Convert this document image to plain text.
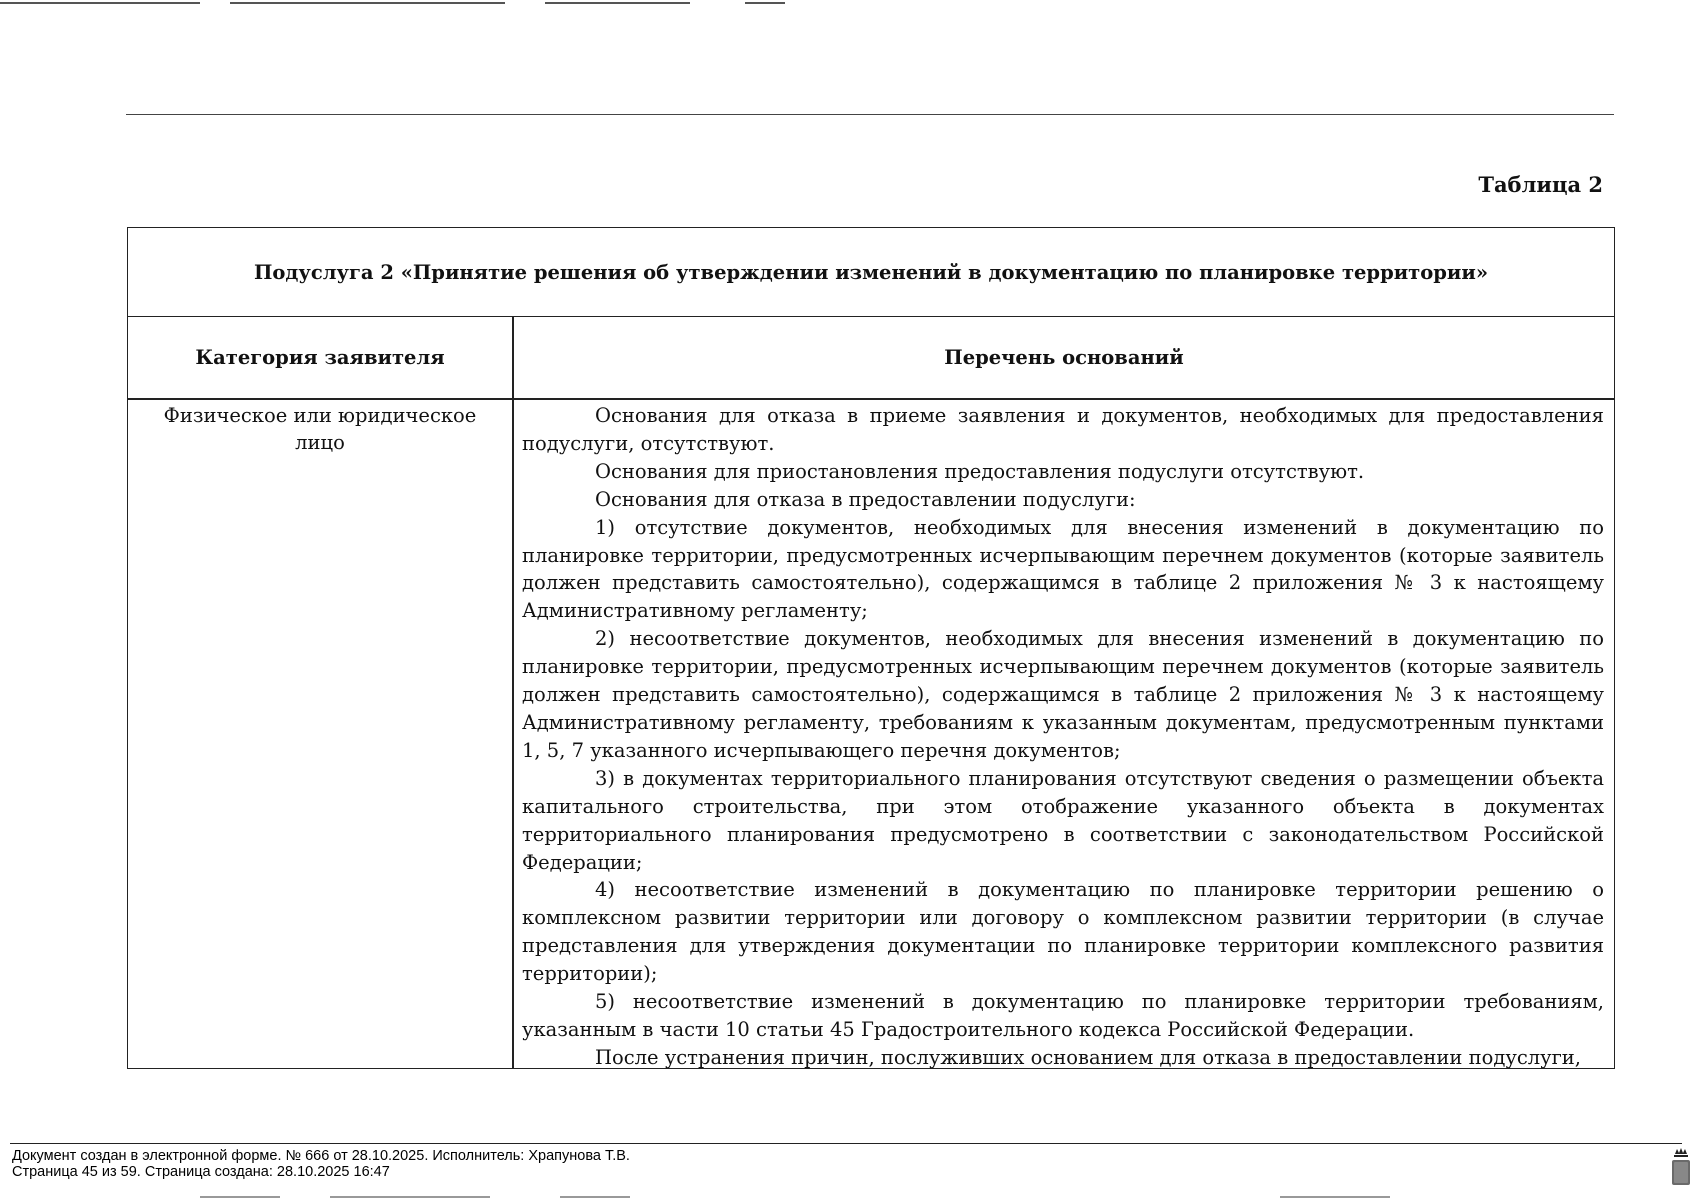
Таблица 2
Подуслуга 2 «Принятие решения об утверждении изменений в документацию по планировке территории»
Категория заявителя	Перечень оснований
Физическое или юридическое лицо

Основания для отказа в приеме заявления и документов, необходимых для предоставления подуслуги, отсутствуют.

Основания для приостановления предоставления подуслуги отсутствуют.

Основания для отказа в предоставлении подуслуги:

1) отсутствие документов, необходимых для внесения изменений в документацию по планировке территории, предусмотренных исчерпывающим перечнем документов (которые заявитель должен представить самостоятельно), содержащимся в таблице 2 приложения № 3 к настоящему Административному регламенту;

2) несоответствие документов, необходимых для внесения изменений в документацию по планировке территории, предусмотренных исчерпывающим перечнем документов (которые заявитель должен представить самостоятельно), содержащимся в таблице 2 приложения № 3 к настоящему Административному регламенту, требованиям к указанным документам, предусмотренным пунктами 1, 5, 7 указанного исчерпывающего перечня документов;

3) в документах территориального планирования отсутствуют сведения о размещении объекта капитального строительства, при этом отображение указанного объекта в документах территориального планирования предусмотрено в соответствии с законодательством Российской Федерации;

4) несоответствие изменений в документацию по планировке территории решению о комплексном развитии территории или договору о комплексном развитии территории (в случае представления для утверждения документации по планировке территории комплексного развития территории);

5) несоответствие изменений в документацию по планировке территории требованиям, указанным в части 10 статьи 45 Градостроительного кодекса Российской Федерации.

После устранения причин, послуживших основанием для отказа в предоставлении подуслуги,

Документ создан в электронной форме. № 666 от 28.10.2025. Исполнитель: Храпунова Т.В.
Страница 45 из 59. Страница создана: 28.10.2025 16:47
